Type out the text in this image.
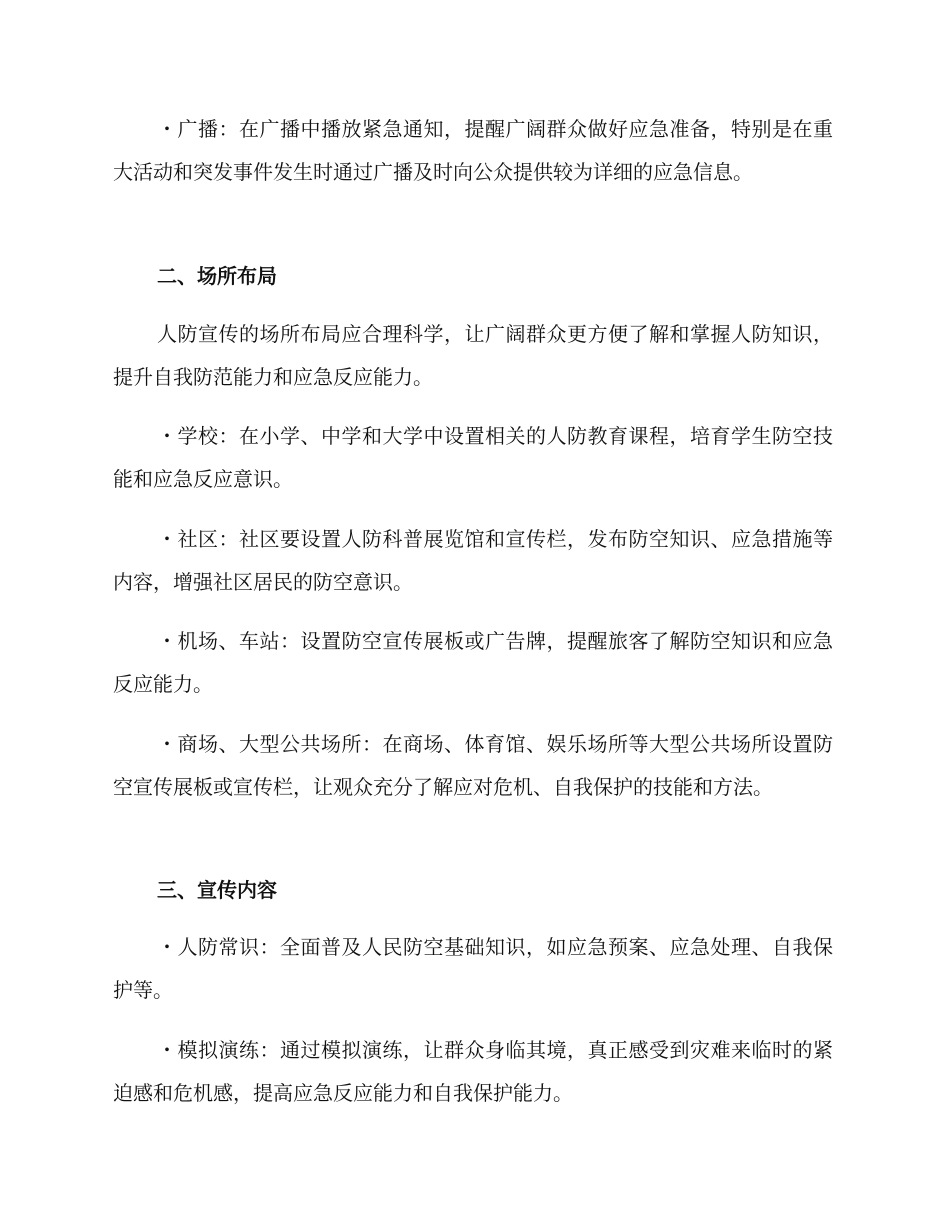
・广播：在广播中播放紧急通知，提醒广阔群众做好应急准备，特别是在重大活动和突发事件发生时通过广播及时向公众提供较为详细的应急信息。

二、场所布局

人防宣传的场所布局应合理科学，让广阔群众更方便了解和掌握人防知识，提升自我防范能力和应急反应能力。

・学校：在小学、中学和大学中设置相关的人防教育课程，培育学生防空技能和应急反应意识。

・社区：社区要设置人防科普展览馆和宣传栏，发布防空知识、应急措施等内容，增强社区居民的防空意识。

・机场、车站：设置防空宣传展板或广告牌，提醒旅客了解防空知识和应急反应能力。

・商场、大型公共场所：在商场、体育馆、娱乐场所等大型公共场所设置防空宣传展板或宣传栏，让观众充分了解应对危机、自我保护的技能和方法。

三、宣传内容

・人防常识：全面普及人民防空基础知识，如应急预案、应急处理、自我保护等。

・模拟演练：通过模拟演练，让群众身临其境，真正感受到灾难来临时的紧迫感和危机感，提高应急反应能力和自我保护能力。
